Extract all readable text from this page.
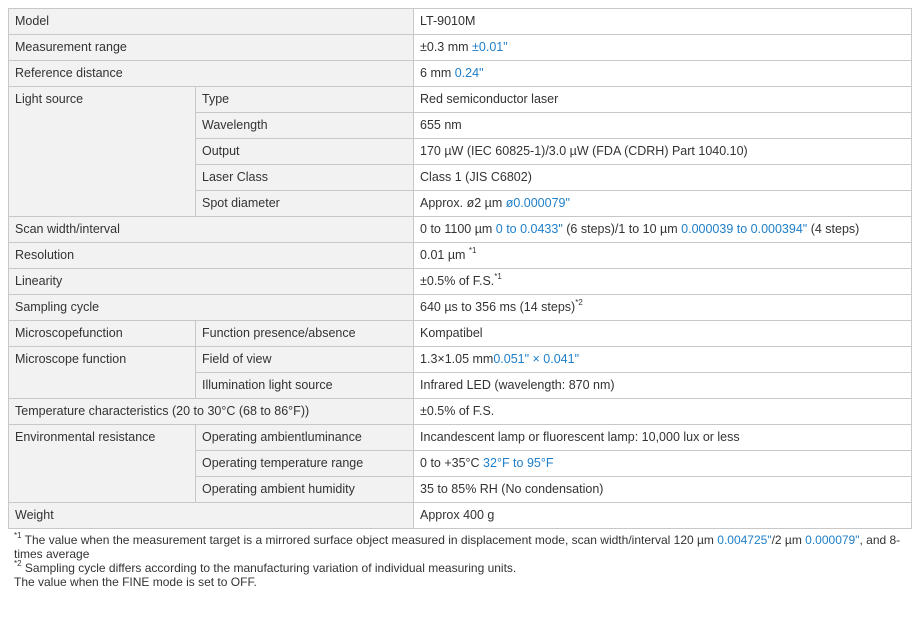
Model		LT-9010M
Measurement range		±0.3 mm ±0.01"
Reference distance		6 mm 0.24"
Light source	Type	Red semiconductor laser
	Wavelength	655 nm
	Output	170 µW (IEC 60825-1)/3.0 µW (FDA (CDRH) Part 1040.10)
	Laser Class	Class 1 (JIS C6802)
	Spot diameter	Approx. ø2 µm ø0.000079"
Scan width/interval		0 to 1100 µm 0 to 0.0433" (6 steps)/1 to 10 µm 0.000039 to 0.000394" (4 steps)
Resolution		0.01 µm $^{*1}$
Linearity		±0.5% of F.S.$^{*1}$
Sampling cycle		640 µs to 356 ms (14 steps)$^{*2}$
Microscopefunction	Function presence/absence	Kompatibel
Microscope function	Field of view	1.3×1.05 mm0.051" × 0.041"
	Illumination light source	Infrared LED (wavelength: 870 nm)
Temperature characteristics (20 to 30°C (68 to 86°F))		±0.5% of F.S.
Environmental resistance	Operating ambientluminance	Incandescent lamp or fluorescent lamp: 10,000 lux or less
	Operating temperature range	0 to +35°C 32°F to 95°F
	Operating ambient humidity	35 to 85% RH (No condensation)
Weight		Approx 400 g
$^{*1}$ The value when the measurement target is a mirrored surface object measured in displacement mode, scan width/interval 120 µm 0.004725"/2 µm 0.000079", and 8-times average
$^{*2}$ Sampling cycle differs according to the manufacturing variation of individual measuring units.
The value when the FINE mode is set to OFF.
